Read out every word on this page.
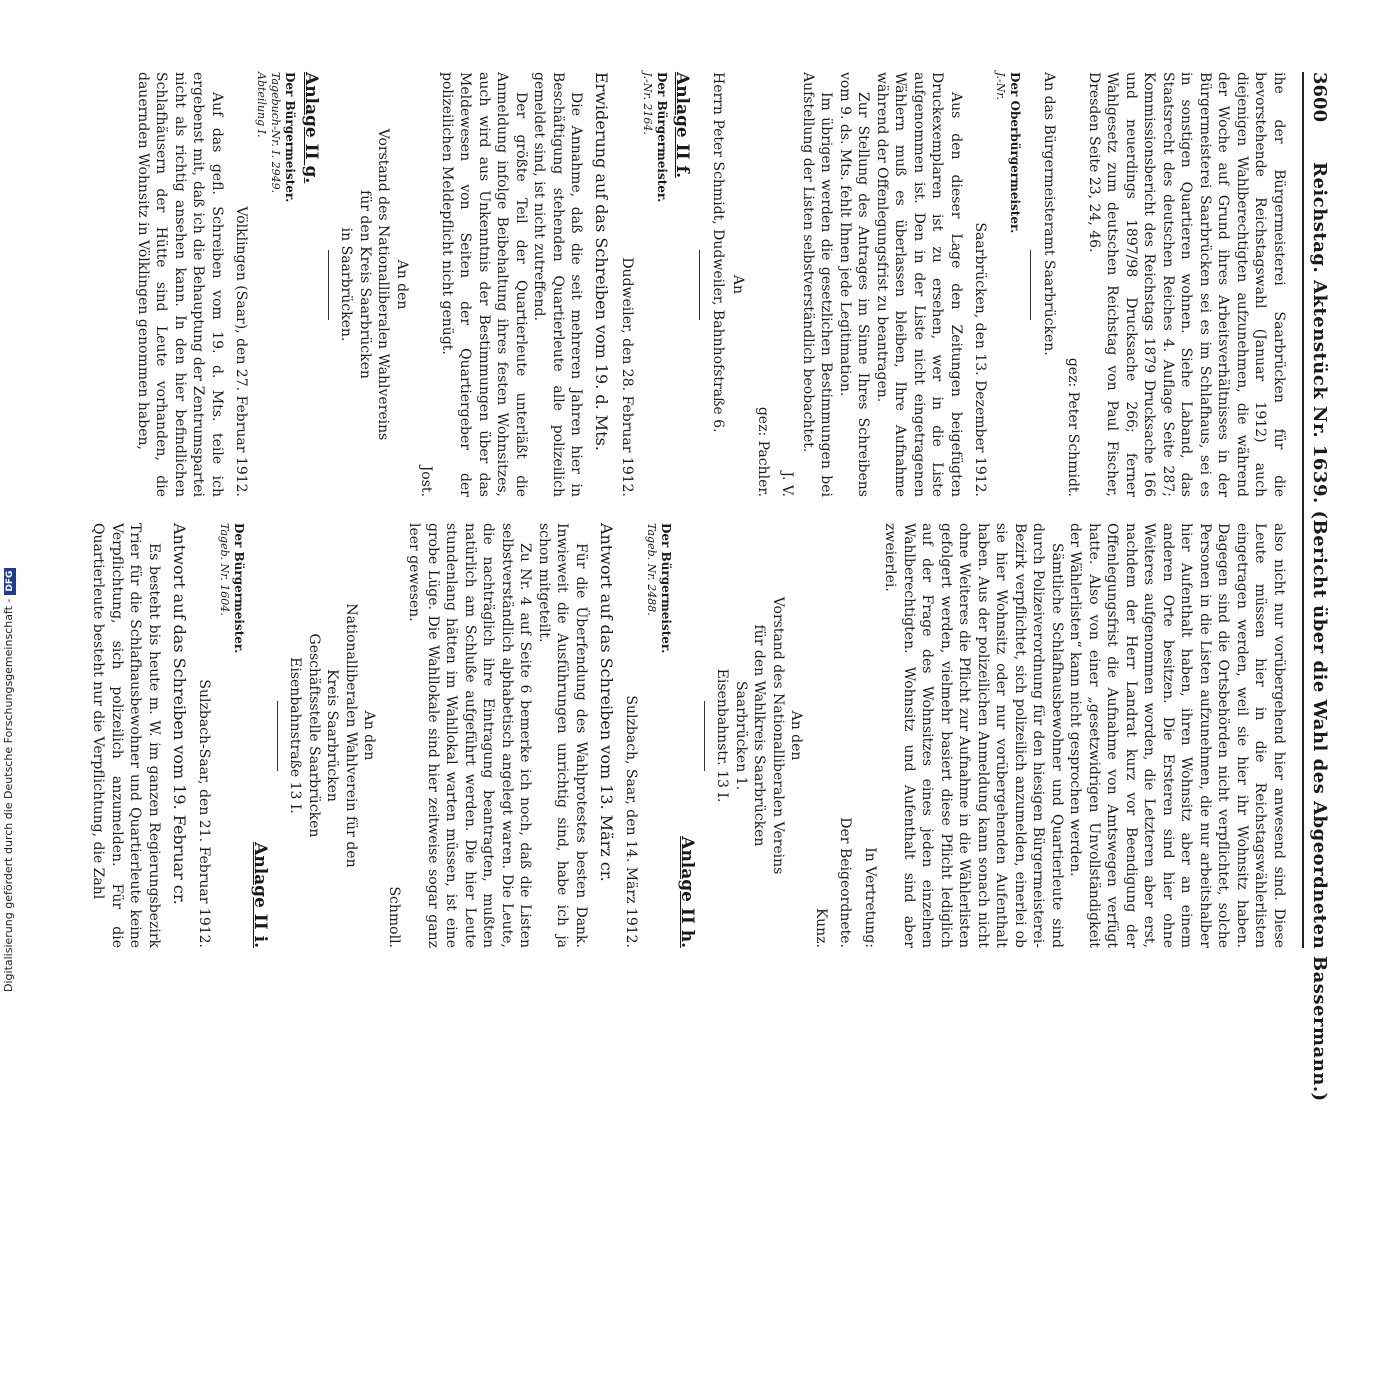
3600
Reichstag. Aktenstück Nr. 1639. (Bericht über die Wahl des Abgeordneten Bassermann.)

ihe der Bürgermeisterei Saarbrücken für die bevorstehende Reichstagswahl (Januar 1912) auch diejenigen Wahlberechtigten aufzunehmen, die während der Woche auf Grund ihres Arbeitsverhältnisses in der Bürgermeisterei Saarbrücken sei es im Schlafhaus, sei es in sonstigen Quartieren wohnen. Siehe Laband, das Staatsrecht des deutschen Reiches 4. Auflage Seite 287; Kommissionsbericht des Reichstags 1879 Drucksache 166 und neuerdings 1897/98 Drucksache 266; ferner Wahlgesetz zum deutschen Reichstag von Paul Fischer, Dresden Seite 23, 24, 46.

gez: Peter Schmidt.

An das Bürgermeisteramt Saarbrücken.

Der Oberbürgermeister.

J.-Nr.

Saarbrücken, den 13. Dezember 1912.

Aus den dieser Lage den Zeitungen beigefügten Druckexemplaren ist zu ersehen, wer in die Liste aufgenommen ist. Den in der Liste nicht eingetragenen Wählern muß es überlassen bleiben, Ihre Aufnahme während der Offenlegungsfrist zu beantragen.

Zur Stellung des Antrages im Sinne Ihres Schreibens vom 9. ds. Mts. fehlt Ihnen jede Legitimation.

Im übrigen werden die gesetzlichen Bestimmungen bei Aufstellung der Listen selbstverständlich beobachtet.

J. V.

gez: Pachler.

An

Herrn Peter Schmidt, Dudweiler, Bahnhofstraße 6.

Anlage II f.

Der Bürgermeister.

J.-Nr. 2164.

Dudweiler, den 28. Februar 1912.

Erwiderung auf das Schreiben vom 19. d. Mts.

Die Annahme, daß die seit mehreren Jahren hier in Beschäftigung stehenden Quartierleute alle polizeilich gemeldet sind, ist nicht zutreffend.

Der größte Teil der Quartierleute unterläßt die Anmeldung infolge Beibehaltung ihres festen Wohnsitzes, auch wird aus Unkenntnis der Bestimmungen über das Meldewesen von Seiten der Quartiergeber der polizeilichen Meldepflicht nicht genügt.

Jost.

An den

Vorstand des Nationalliberalen Wahlvereins

für den Kreis Saarbrücken

in Saarbrücken.

Anlage II g.

Der Bürgermeister.

Tagebuch-Nr. I. 2949.

Abteilung I.

Völklingen (Saar), den 27. Februar 1912.

Auf das gefl. Schreiben vom 19. d. Mts. teile ich ergebenst mit, daß ich die Behauptung der Zentrumspartei nicht als richtig ansehen kann. In den hier befindlichen Schlafhäusern der Hütte sind Leute vorhanden, die dauernden Wohnsitz in Völklingen genommen haben,

also nicht nur vorübergehend hier anwesend sind. Diese Leute müssen hier in die Reichstagswählerlisten eingetragen werden, weil sie hier ihr Wohnsitz haben. Dagegen sind die Ortsbehörden nicht verpflichtet, solche Personen in die Listen aufzunehmen, die nur arbeitshalber hier Aufenthalt haben, ihren Wohnsitz aber an einem anderen Orte besitzen. Die Ersteren sind hier ohne Weiteres aufgenommen worden, die Letzteren aber erst, nachdem der Herr Landrat kurz vor Beendigung der Offenlegungsfrist die Aufnahme von Amtswegen verfügt hatte. Also von einer „gesetzwidrigen Unvollständigkeit der Wählerlisten“ kann nicht gesprochen werden.

Sämtliche Schlafhausbewohner und Quartierleute sind durch Polizeiverordnung für den hiesigen Bürgermeisterei-Bezirk verpflichtet, sich polizeilich anzumelden, einerlei ob sie hier Wohnsitz oder nur vorübergehenden Aufenthalt haben. Aus der polizeilichen Anmeldung kann sonach nicht ohne Weiteres die Pflicht zur Aufnahme in die Wählerlisten gefolgert werden, vielmehr basiert diese Pflicht lediglich auf der Frage des Wohnsitzes eines jeden einzelnen Wahlberechtigten. Wohnsitz und Aufenthalt sind aber zweierlei.

In Vertretung:

Der Beigeordnete.

Kunz.

An den

Vorstand des Nationalliberalen Vereins

für den Wahlkreis Saarbrücken

Saarbrücken 1.

Eisenbahnstr. 13 I.

Anlage II h.

Der Bürgermeister.

Tageb. Nr. 2488.

Sulzbach, Saar, den 14. März 1912.

Antwort auf das Schreiben vom 13. März cr.

Für die Überfendung des Wahlprotestes besten Dank. Inwieweit die Ausführungen unrichtig sind, habe ich ja schon mitgeteilt.

Zu Nr. 4 auf Seite 6 bemerke ich noch, daß die Listen selbstverständlich alphabetisch angelegt waren. Die Leute, die nachträglich ihre Eintragung beantragten, mußten natürlich am Schluße aufgeführt werden. Die hier Leute stundenlang hätten im Wahllokal warten müssen, ist eine grobe Lüge. Die Wahllokale sind hier zeitweise sogar ganz leer gewesen.

Schmoll.

An den

Nationalliberalen Wahlverein für den

Kreis Saarbrücken

Geschäftsstelle Saarbrücken

Eisenbahnstraße 13 I.

Anlage II i.

Der Bürgermeister.

Tageb. Nr. 1604.

Sulzbach-Saar, den 21. Februar 1912.

Antwort auf das Schreiben vom 19. Februar cr.

Es besteht bis heute m. W. im ganzen Regierungsbezirk Trier für die Schlafhausbewohner und Quartierleute keine Verpflichtung, sich polizeilich anzumelden. Für die Quartierleute besteht nur die Verpflichtung, die Zahl

Digitalisierung gefördert durch die Deutsche Forschungsgemeinschaft -DFG
